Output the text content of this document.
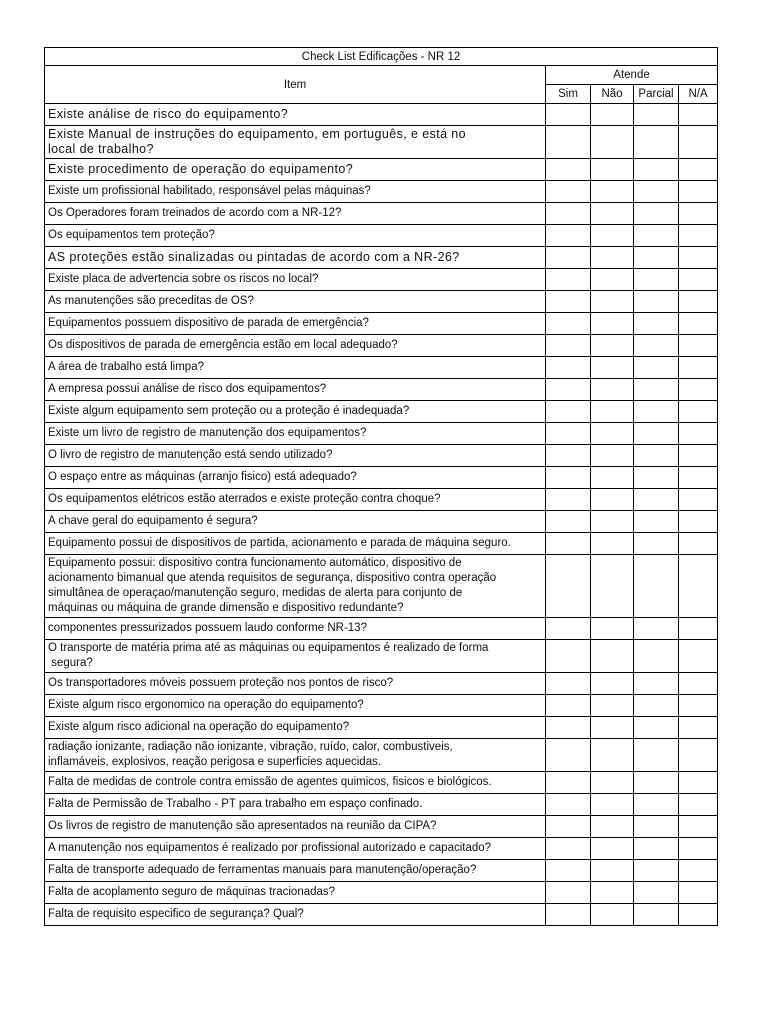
Check List Edificações - NR 12				
Item	Atende			
	Sim	Não	Parcial	N/A
Existe análise de risco do equipamento?				
Existe Manual de instruções do equipamento, em português, e está no
local de trabalho?				
Existe procedimento de operação do equipamento?				
Existe um profissional habilitado, responsável pelas máquinas?				
Os Operadores foram treinados de acordo com a NR-12?				
Os equipamentos tem proteção?				
AS proteções estão sinalizadas ou pintadas de acordo com a NR-26?				
Existe placa de advertencia sobre os riscos no local?				
As manutenções são preceditas de OS?				
Equipamentos possuem dispositivo de parada de emergência?				
Os dispositivos de parada de emergência estão em local adequado?				
A área de trabalho está limpa?				
A empresa possui análise de risco dos equipamentos?				
Existe algum equipamento sem proteção ou a proteção é inadequada?				
Existe um livro de registro de manutenção dos equipamentos?				
O livro de registro de manutenção está sendo utilizado?				
O espaço entre as máquinas (arranjo fisico) está adequado?				
Os equipamentos elétricos estão aterrados e existe proteção contra choque?				
A chave geral do equipamento é segura?				
Equipamento possui de dispositivos de partida, acionamento e parada de máquina seguro.				
Equipamento possui: dispositivo contra funcionamento automático, dispositivo de
acionamento bimanual que atenda requisitos de segurança, dispositivo contra operação
simultânea de operaçao/manutenção seguro, medidas de alerta para conjunto de
máquinas ou máquina de grande dimensão e dispositivo redundante?				
componentes pressurizados possuem laudo conforme NR-13?				
O transporte de matéria prima até as máquinas ou equipamentos é realizado de forma
segura?				
Os transportadores móveis possuem proteção nos pontos de risco?				
Existe algum risco ergonomico na operação do equipamento?				
Existe algum risco adicional na operação do equipamento?				
radiação ionizante, radiação não ionizante, vibração, ruído, calor, combustiveis,
inflamáveis, explosivos, reação perigosa e superficies aquecidas.				
Falta de medidas de controle contra emissão de agentes quimicos, fisicos e biológicos.				
Falta de Permissão de Trabalho - PT para trabalho em espaço confinado.				
Os livros de registro de manutenção são apresentados na reunião da CIPA?				
A manutenção nos equipamentos é realizado por profissional autorizado e capacitado?				
Falta de transporte adequado de ferramentas manuais para manutenção/operação?				
Falta de acoplamento seguro de máquinas tracionadas?				
Falta de requisito especifico de segurança? Qual?				
